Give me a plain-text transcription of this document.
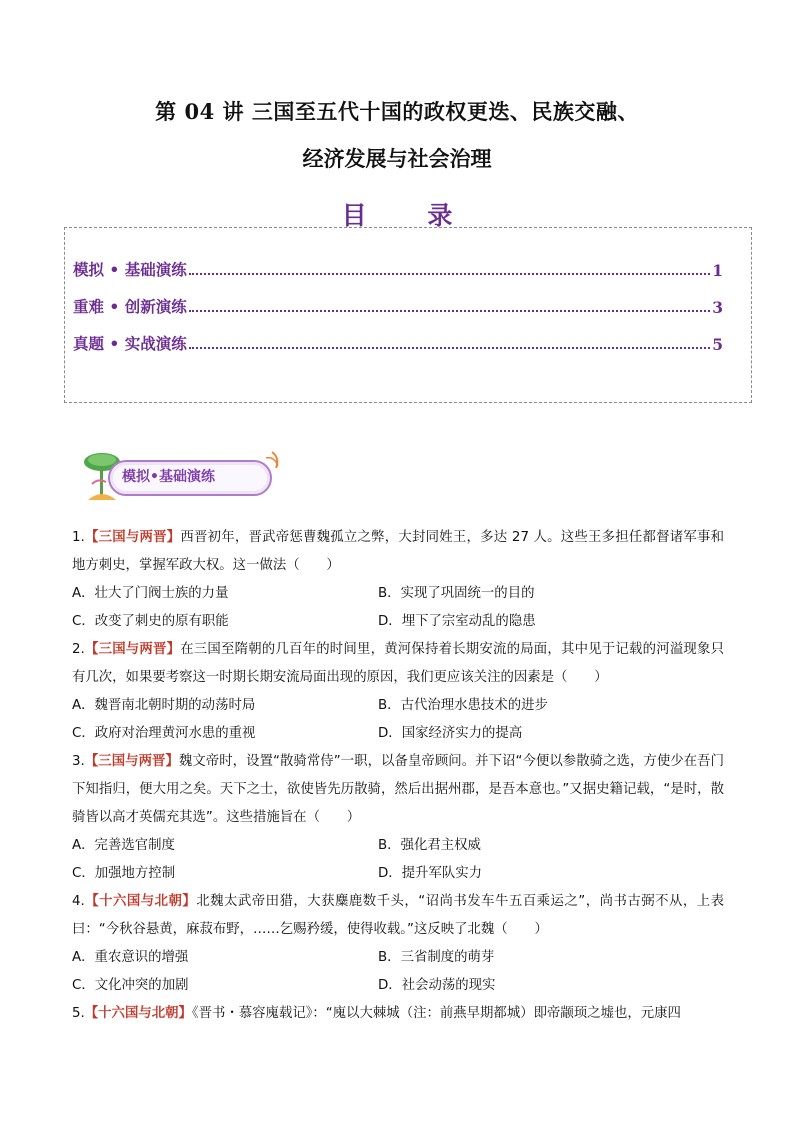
第 04 讲 三国至五代十国的政权更迭、民族交融、
经济发展与社会治理
目 录
模拟 • 基础演练	1
重难 • 创新演练	3
真题 • 实战演练	5
模拟•基础演练
1.【三国与两晋】西晋初年，晋武帝惩曹魏孤立之弊，大封同姓王，多达 27 人。这些王多担任都督诸军事和地方刺史，掌握军政大权。这一做法（　　）
A．壮大了门阀士族的力量	B．实现了巩固统一的目的
C．改变了刺史的原有职能	D．埋下了宗室动乱的隐患
2.【三国与两晋】在三国至隋朝的几百年的时间里，黄河保持着长期安流的局面，其中见于记载的河溢现象只有几次，如果要考察这一时期长期安流局面出现的原因，我们更应该关注的因素是（　　）
A．魏晋南北朝时期的动荡时局	B．古代治理水患技术的进步
C．政府对治理黄河水患的重视	D．国家经济实力的提高
3.【三国与两晋】魏文帝时，设置“散骑常侍”一职，以备皇帝顾问。并下诏“今便以参散骑之选，方使少在吾门下知指归，便大用之矣。天下之士，欲使皆先历散骑，然后出据州郡，是吾本意也。”又据史籍记载，“是时，散骑皆以高才英儒充其选”。这些措施旨在（　　）
A．完善选官制度	B．强化君主权威
C．加强地方控制	D．提升军队实力
4.【十六国与北朝】北魏太武帝田猎，大获麋鹿数千头，“诏尚书发车牛五百乘运之”，尚书古弼不从，上表曰：“今秋谷悬黄，麻菽布野，……乞赐矜缓，使得收载。”这反映了北魏（　　）
A．重农意识的增强	B．三省制度的萌芽
C．文化冲突的加剧	D．社会动荡的现实
5.【十六国与北朝】《晋书・慕容廆载记》：“廆以大棘城（注：前燕早期都城）即帝颛顼之墟也，元康四
